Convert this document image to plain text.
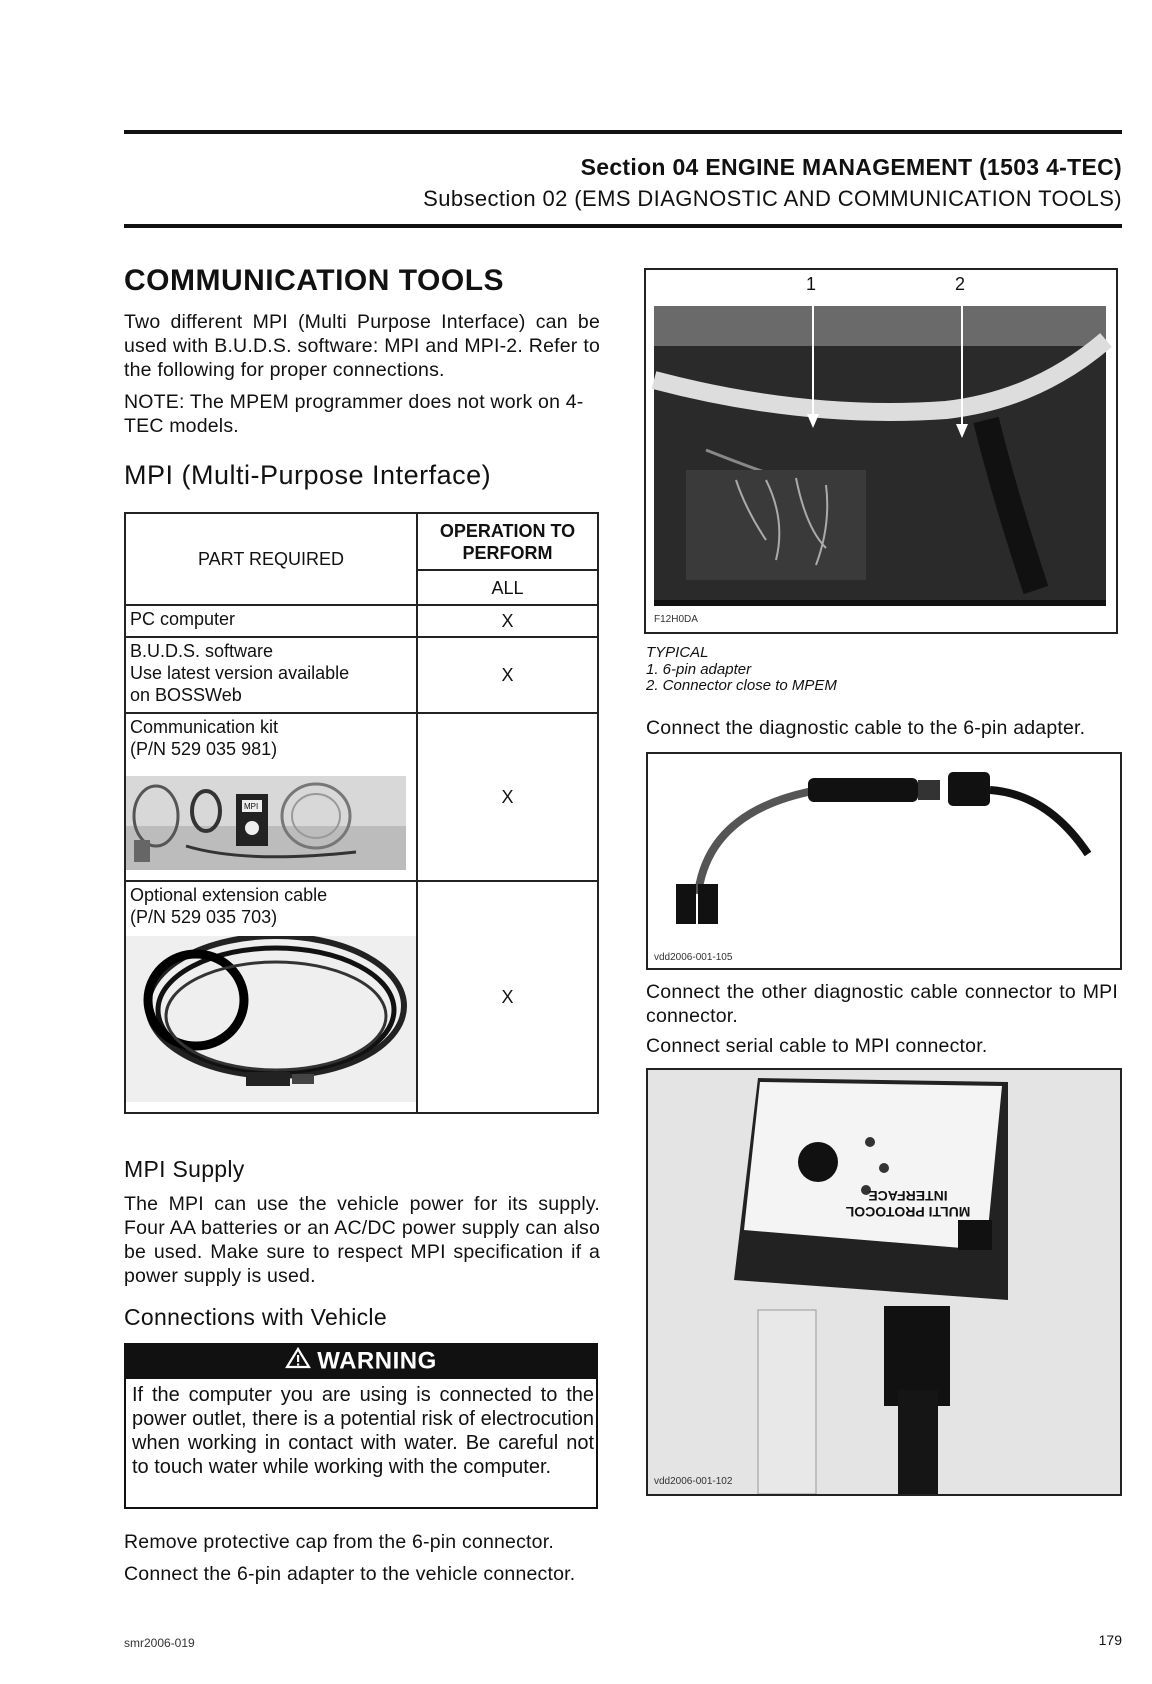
Section 04 ENGINE MANAGEMENT (1503 4-TEC)
Subsection 02 (EMS DIAGNOSTIC AND COMMUNICATION TOOLS)
COMMUNICATION TOOLS
Two different MPI (Multi Purpose Interface) can be used with B.U.D.S. software: MPI and MPI-2. Refer to the following for proper connections.
NOTE: The MPEM programmer does not work on 4-TEC models.
MPI (Multi-Purpose Interface)
PART REQUIRED	OPERATION TO PERFORM
	ALL
PC computer	X

B.U.D.S. software
Use latest version available
on BOSSWeb	X

Communication kit
(P/N 529 035 981)
MPI	X

Optional extension cable
(P/N 529 035 703)	X
MPI Supply
The MPI can use the vehicle power for its supply. Four AA batteries or an AC/DC power supply can also be used. Make sure to respect MPI specification if a power supply is used.
Connections with Vehicle
WARNING
If the computer you are using is connected to the power outlet, there is a potential risk of electrocution when working in contact with water. Be careful not to touch water while working with the computer.
Remove protective cap from the 6-pin connector.
Connect the 6-pin adapter to the vehicle connector.
1	2
F12H0DA
TYPICAL
1. 6-pin adapter
2. Connector close to MPEM
Connect the diagnostic cable to the 6-pin adapter.
vdd2006-001-105
Connect the other diagnostic cable connector to MPI connector.
Connect serial cable to MPI connector.
MULTI PROTOCOL INTERFACE
vdd2006-001-102
smr2006-019	179
